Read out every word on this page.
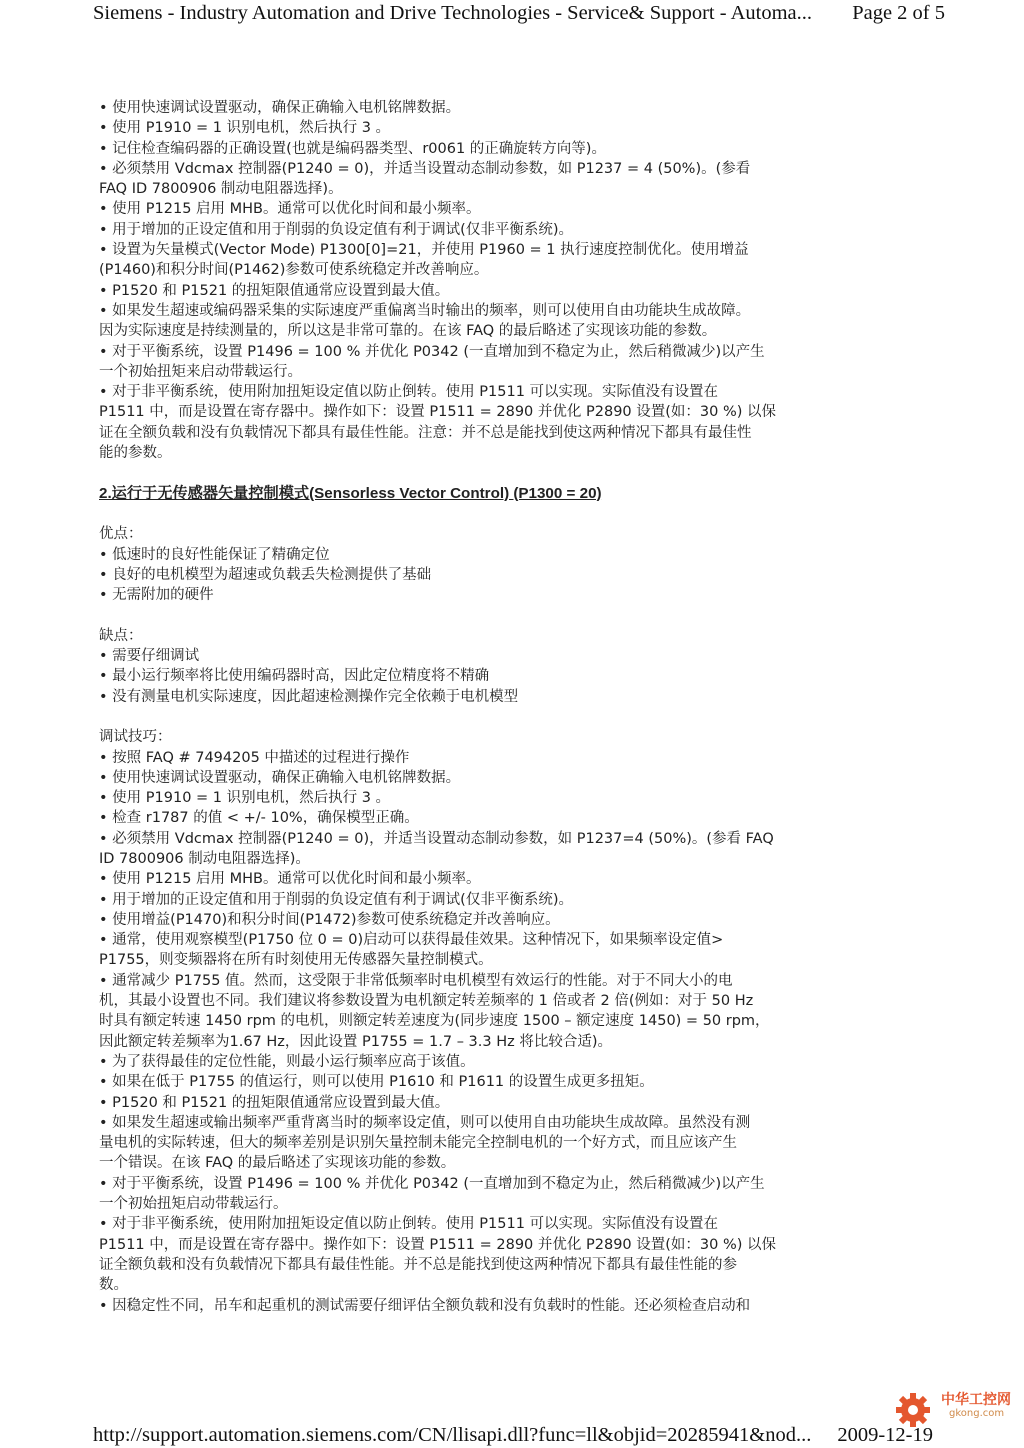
Siemens - Industry Automation and Drive Technologies - Service& Support - Automa... Page 2 of 5

• 使用快速调试设置驱动，确保正确输入电机铭牌数据。

• 使用 P1910 = 1 识别电机，然后执行 3 。

• 记住检查编码器的正确设置(也就是编码器类型、r0061 的正确旋转方向等)。

• 必须禁用 Vdcmax 控制器(P1240 = 0)，并适当设置动态制动参数，如 P1237 = 4 (50%)。(参看

FAQ ID 7800906 制动电阻器选择)。

• 使用 P1215 启用 MHB。通常可以优化时间和最小频率。

• 用于增加的正设定值和用于削弱的负设定值有利于调试(仅非平衡系统)。

• 设置为矢量模式(Vector Mode) P1300[0]=21，并使用 P1960 = 1 执行速度控制优化。使用增益

(P1460)和积分时间(P1462)参数可使系统稳定并改善响应。

• P1520 和 P1521 的扭矩限值通常应设置到最大值。

• 如果发生超速或编码器采集的实际速度严重偏离当时输出的频率，则可以使用自由功能块生成故障。

因为实际速度是持续测量的，所以这是非常可靠的。在该 FAQ 的最后略述了实现该功能的参数。

• 对于平衡系统，设置 P1496 = 100 % 并优化 P0342 (一直增加到不稳定为止，然后稍微减少)以产生

一个初始扭矩来启动带载运行。

• 对于非平衡系统，使用附加扭矩设定值以防止倒转。使用 P1511 可以实现。实际值没有设置在

P1511 中，而是设置在寄存器中。操作如下：设置 P1511 = 2890 并优化 P2890 设置(如：30 %) 以保

证在全额负载和没有负载情况下都具有最佳性能。注意：并不总是能找到使这两种情况下都具有最佳性

能的参数。

2.运行于无传感器矢量控制模式(Sensorless Vector Control) (P1300 = 20)

优点：

• 低速时的良好性能保证了精确定位

• 良好的电机模型为超速或负载丢失检测提供了基础

• 无需附加的硬件

缺点：

• 需要仔细调试

• 最小运行频率将比使用编码器时高，因此定位精度将不精确

• 没有测量电机实际速度，因此超速检测操作完全依赖于电机模型

调试技巧：

• 按照 FAQ # 7494205 中描述的过程进行操作

• 使用快速调试设置驱动，确保正确输入电机铭牌数据。

• 使用 P1910 = 1 识别电机，然后执行 3 。

• 检查 r1787 的值 < +/- 10%，确保模型正确。

• 必须禁用 Vdcmax 控制器(P1240 = 0)，并适当设置动态制动参数，如 P1237=4 (50%)。(参看 FAQ

ID 7800906 制动电阻器选择)。

• 使用 P1215 启用 MHB。通常可以优化时间和最小频率。

• 用于增加的正设定值和用于削弱的负设定值有利于调试(仅非平衡系统)。

• 使用增益(P1470)和积分时间(P1472)参数可使系统稳定并改善响应。

• 通常，使用观察模型(P1750 位 0 = 0)启动可以获得最佳效果。这种情况下，如果频率设定值>

P1755，则变频器将在所有时刻使用无传感器矢量控制模式。

• 通常减少 P1755 值。然而，这受限于非常低频率时电机模型有效运行的性能。对于不同大小的电

机，其最小设置也不同。我们建议将参数设置为电机额定转差频率的 1 倍或者 2 倍(例如：对于 50 Hz

时具有额定转速 1450 rpm 的电机，则额定转差速度为(同步速度 1500 – 额定速度 1450) = 50 rpm，

因此额定转差频率为1.67 Hz，因此设置 P1755 = 1.7 – 3.3 Hz 将比较合适)。

• 为了获得最佳的定位性能，则最小运行频率应高于该值。

• 如果在低于 P1755 的值运行，则可以使用 P1610 和 P1611 的设置生成更多扭矩。

• P1520 和 P1521 的扭矩限值通常应设置到最大值。

• 如果发生超速或输出频率严重背离当时的频率设定值，则可以使用自由功能块生成故障。虽然没有测

量电机的实际转速，但大的频率差别是识别矢量控制未能完全控制电机的一个好方式，而且应该产生

一个错误。在该 FAQ 的最后略述了实现该功能的参数。

• 对于平衡系统，设置 P1496 = 100 % 并优化 P0342 (一直增加到不稳定为止，然后稍微减少)以产生

一个初始扭矩启动带载运行。

• 对于非平衡系统，使用附加扭矩设定值以防止倒转。使用 P1511 可以实现。实际值没有设置在

P1511 中，而是设置在寄存器中。操作如下：设置 P1511 = 2890 并优化 P2890 设置(如：30 %) 以保

证全额负载和没有负载情况下都具有最佳性能。并不总是能找到使这两种情况下都具有最佳性能的参

数。

• 因稳定性不同，吊车和起重机的测试需要仔细评估全额负载和没有负载时的性能。还必须检查启动和

中华工控网
gkong.com
http://support.automation.siemens.com/CN/llisapi.dll?func=ll&objid=20285941&nod... 2009-12-19
